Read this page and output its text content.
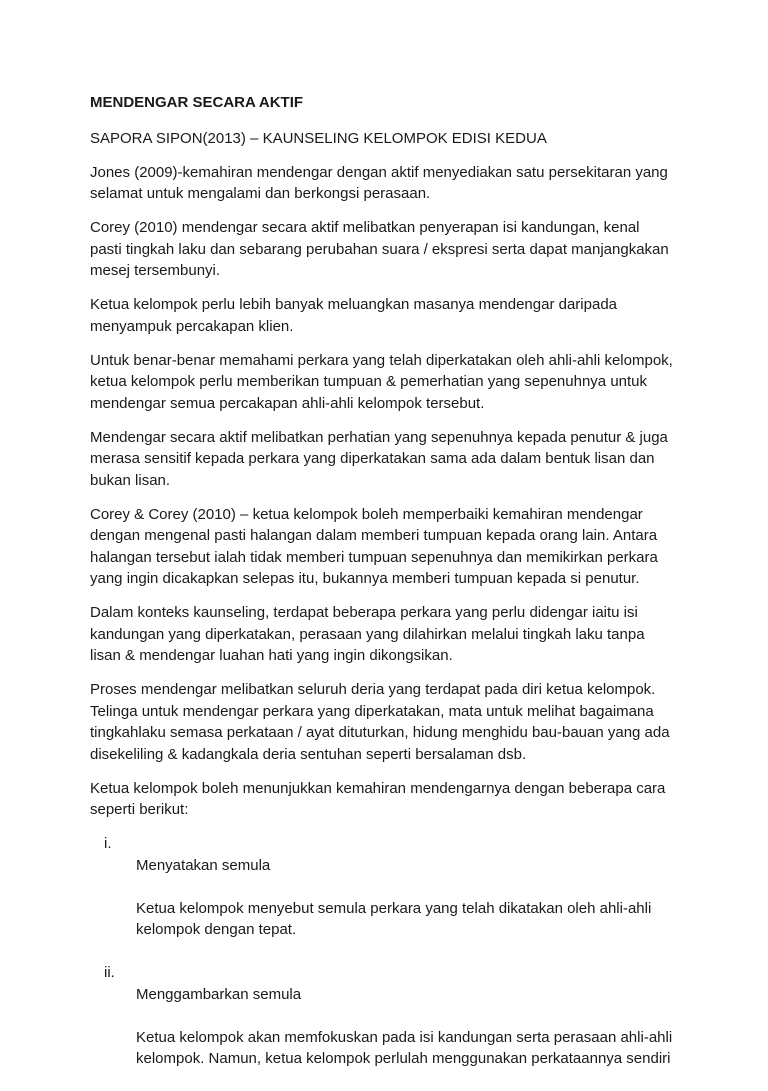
MENDENGAR SECARA AKTIF
SAPORA SIPON(2013) – KAUNSELING KELOMPOK EDISI KEDUA
Jones (2009)-kemahiran mendengar dengan aktif menyediakan satu persekitaran yang
selamat untuk mengalami dan berkongsi perasaan.
Corey (2010) mendengar secara aktif melibatkan penyerapan isi kandungan, kenal
pasti tingkah laku dan sebarang perubahan suara / ekspresi serta dapat manjangkakan
mesej tersembunyi.
Ketua kelompok perlu lebih banyak meluangkan masanya mendengar daripada
menyampuk percakapan klien.
Untuk benar-benar memahami perkara yang telah diperkatakan oleh ahli-ahli kelompok,
ketua kelompok perlu memberikan tumpuan & pemerhatian yang sepenuhnya untuk
mendengar semua percakapan ahli-ahli kelompok tersebut.
Mendengar secara aktif melibatkan perhatian yang sepenuhnya kepada penutur & juga
merasa sensitif kepada perkara yang diperkatakan sama ada dalam bentuk lisan dan
bukan lisan.
Corey & Corey (2010) – ketua kelompok boleh memperbaiki kemahiran mendengar
dengan mengenal pasti halangan dalam memberi tumpuan kepada orang lain. Antara
halangan tersebut ialah tidak memberi tumpuan sepenuhnya dan memikirkan perkara
yang ingin dicakapkan selepas itu, bukannya memberi tumpuan kepada si penutur.
Dalam konteks kaunseling, terdapat beberapa perkara yang perlu didengar iaitu isi
kandungan yang diperkatakan, perasaan yang dilahirkan melalui tingkah laku tanpa
lisan & mendengar luahan hati yang ingin dikongsikan.
Proses mendengar melibatkan seluruh deria yang terdapat pada diri ketua kelompok.
Telinga untuk mendengar perkara yang diperkatakan, mata untuk melihat bagaimana
tingkahlaku semasa perkataan / ayat dituturkan, hidung menghidu bau-bauan yang ada
disekeliling & kadangkala deria sentuhan seperti bersalaman dsb.
Ketua kelompok boleh menunjukkan kemahiran mendengarnya dengan beberapa cara
seperti berikut:
i.

Menyatakan semula

Ketua kelompok menyebut semula perkara yang telah dikatakan oleh ahli-ahli
kelompok dengan tepat.

ii.

Menggambarkan semula

Ketua kelompok akan memfokuskan pada isi kandungan serta perasaan ahli-ahli
kelompok. Namun, ketua kelompok perlulah menggunakan perkataannya sendiri
